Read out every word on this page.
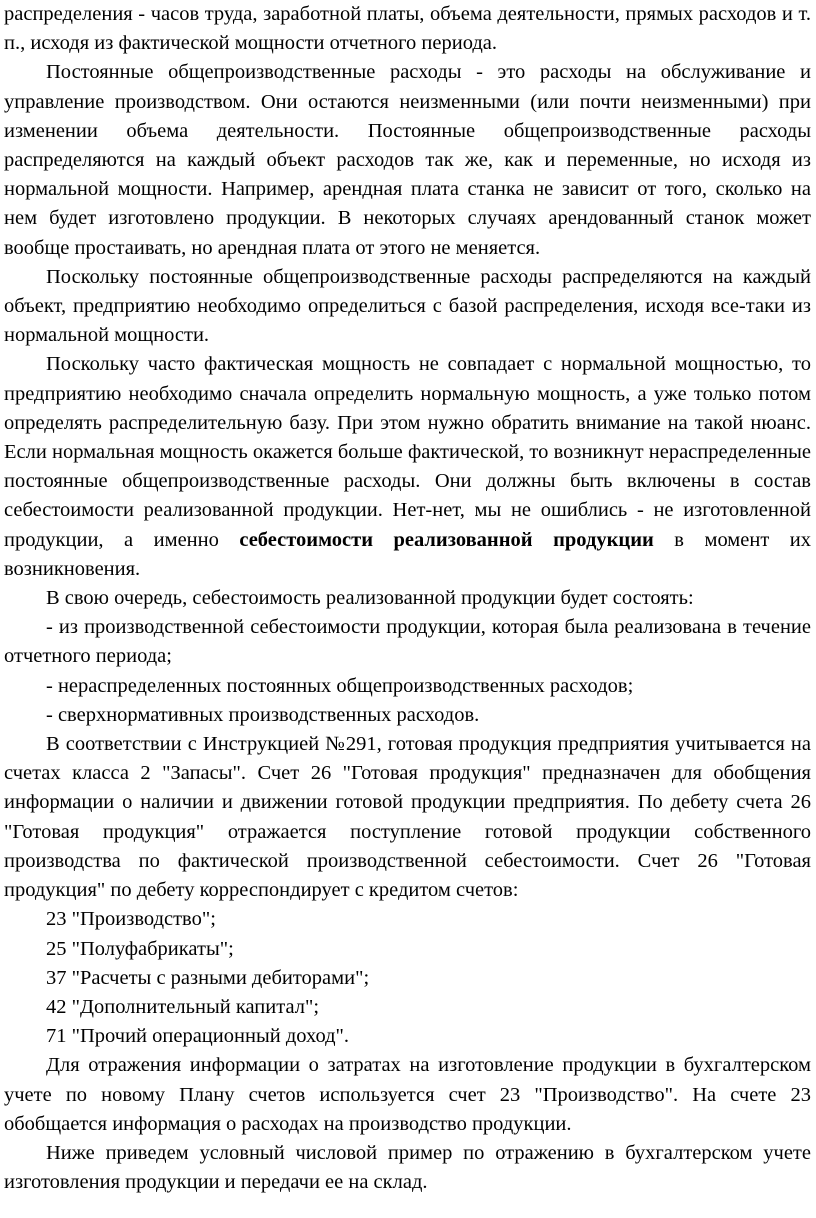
распределения - часов труда, заработной платы, объема деятельности, прямых расходов и т. п., исходя из фактической мощности отчетного периода.

Постоянные общепроизводственные расходы - это расходы на обслуживание и управление производством. Они остаются неизменными (или почти неизменными) при изменении объема деятельности. Постоянные общепроизводственные расходы распределяются на каждый объект расходов так же, как и переменные, но исходя из нормальной мощности. Например, арендная плата станка не зависит от того, сколько на нем будет изготовлено продукции. В некоторых случаях арендованный станок может вообще простаивать, но арендная плата от этого не меняется.

Поскольку постоянные общепроизводственные расходы распределяются на каждый объект, предприятию необходимо определиться с базой распределения, исходя все-таки из нормальной мощности.

Поскольку часто фактическая мощность не совпадает с нормальной мощностью, то предприятию необходимо сначала определить нормальную мощность, а уже только потом определять распределительную базу. При этом нужно обратить внимание на такой нюанс. Если нормальная мощность окажется больше фактической, то возникнут нераспределенные постоянные общепроизводственные расходы. Они должны быть включены в состав себестоимости реализованной продукции. Нет-нет, мы не ошиблись - не изготовленной продукции, а именно себестоимости реализованной продукции в момент их возникновения.

В свою очередь, себестоимость реализованной продукции будет состоять:

- из производственной себестоимости продукции, которая была реализована в течение отчетного периода;

- нераспределенных постоянных общепроизводственных расходов;

- сверхнормативных производственных расходов.

В соответствии с Инструкцией №291, готовая продукция предприятия учитывается на счетах класса 2 "Запасы". Счет 26 "Готовая продукция" предназначен для обобщения информации о наличии и движении готовой продукции предприятия. По дебету счета 26 "Готовая продукция" отражается поступление готовой продукции собственного производства по фактической производственной себестоимости. Счет 26 "Готовая продукция" по дебету корреспондирует с кредитом счетов:

23 "Производство";

25 "Полуфабрикаты";

37 "Расчеты с разными дебиторами";

42 "Дополнительный капитал";

71 "Прочий операционный доход".

Для отражения информации о затратах на изготовление продукции в бухгалтерском учете по новому Плану счетов используется счет 23 "Производство". На счете 23 обобщается информация о расходах на производство продукции.

Ниже приведем условный числовой пример по отражению в бухгалтерском учете изготовления продукции и передачи ее на склад.
